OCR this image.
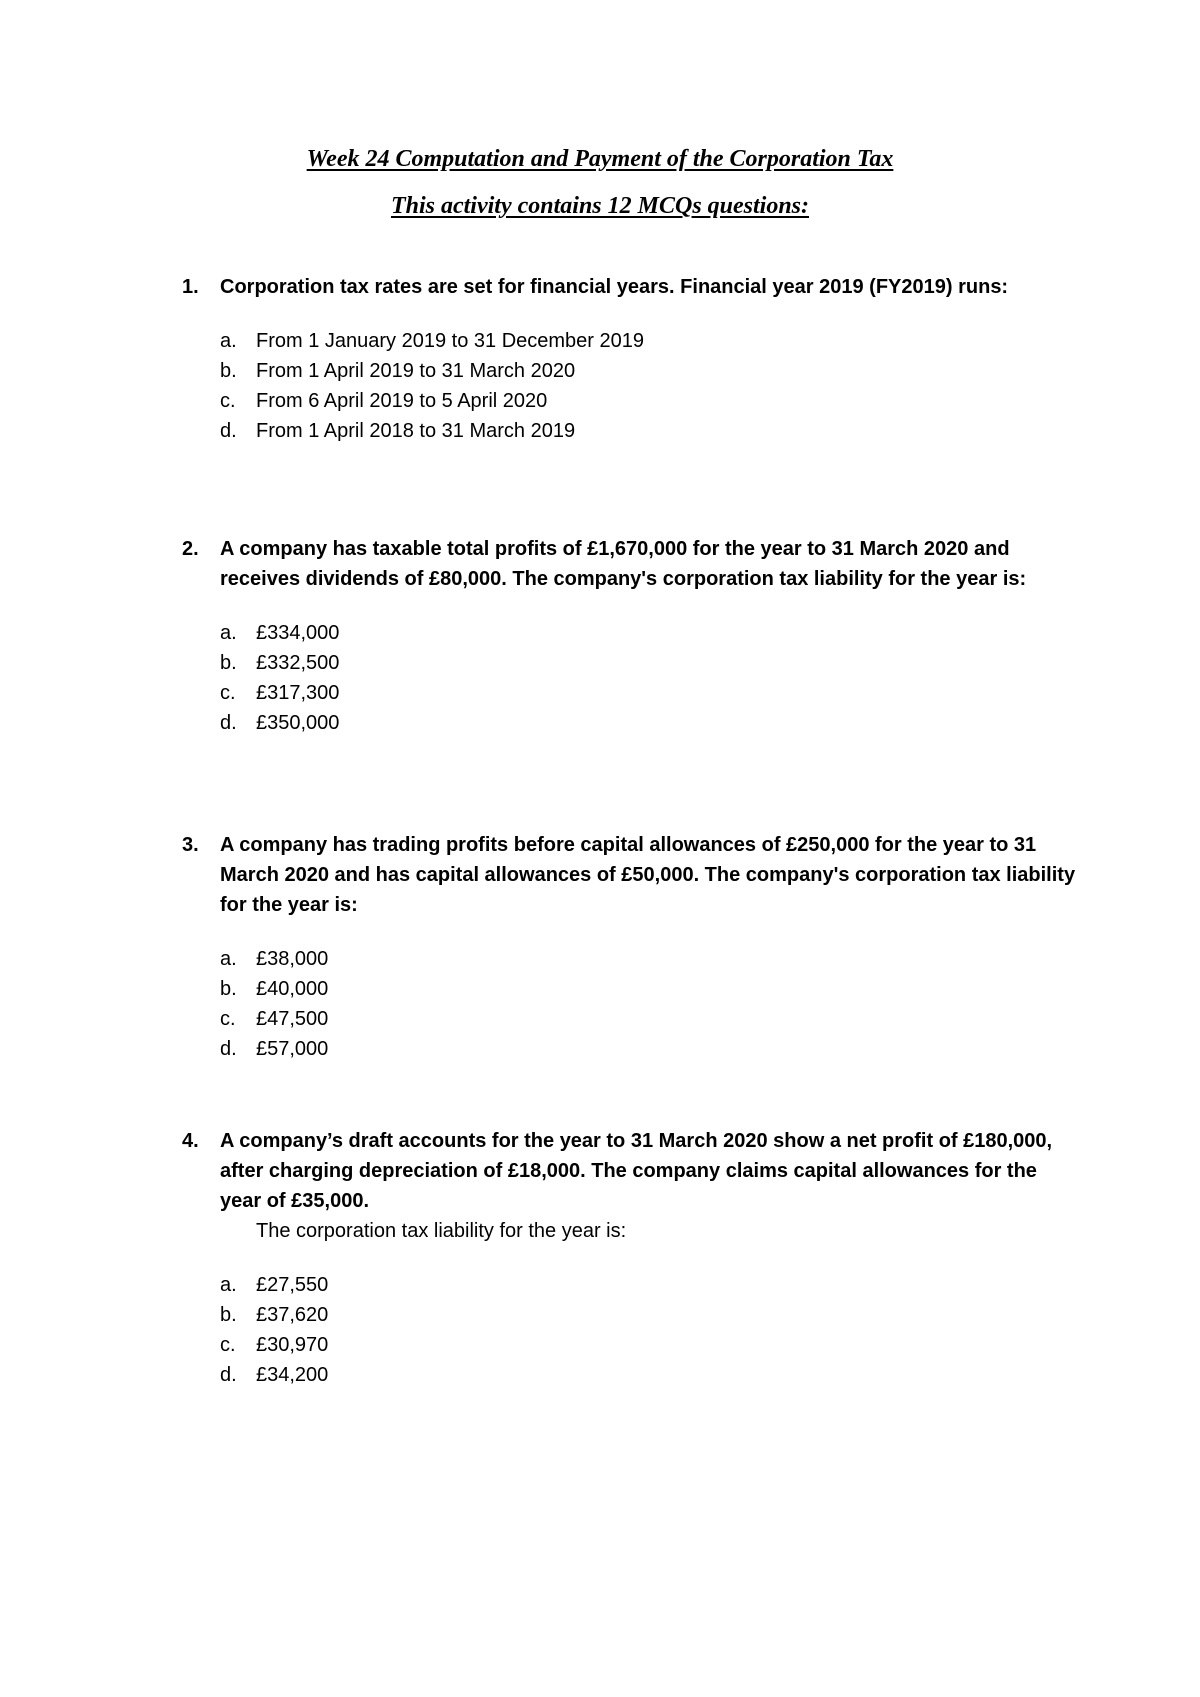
Week 24 Computation and Payment of the Corporation Tax
This activity contains 12 MCQs questions:
1. Corporation tax rates are set for financial years. Financial year 2019 (FY2019) runs:
a. From 1 January 2019 to 31 December 2019
b. From 1 April 2019 to 31 March 2020
c. From 6 April 2019 to 5 April 2020
d. From 1 April 2018 to 31 March 2019
2. A company has taxable total profits of £1,670,000 for the year to 31 March 2020 and receives dividends of £80,000. The company's corporation tax liability for the year is:
a. £334,000
b. £332,500
c. £317,300
d. £350,000
3. A company has trading profits before capital allowances of £250,000 for the year to 31 March 2020 and has capital allowances of £50,000. The company's corporation tax liability for the year is:
a. £38,000
b. £40,000
c. £47,500
d. £57,000
4. A company’s draft accounts for the year to 31 March 2020 show a net profit of £180,000, after charging depreciation of £18,000. The company claims capital allowances for the year of £35,000.
The corporation tax liability for the year is:
a. £27,550
b. £37,620
c. £30,970
d. £34,200
